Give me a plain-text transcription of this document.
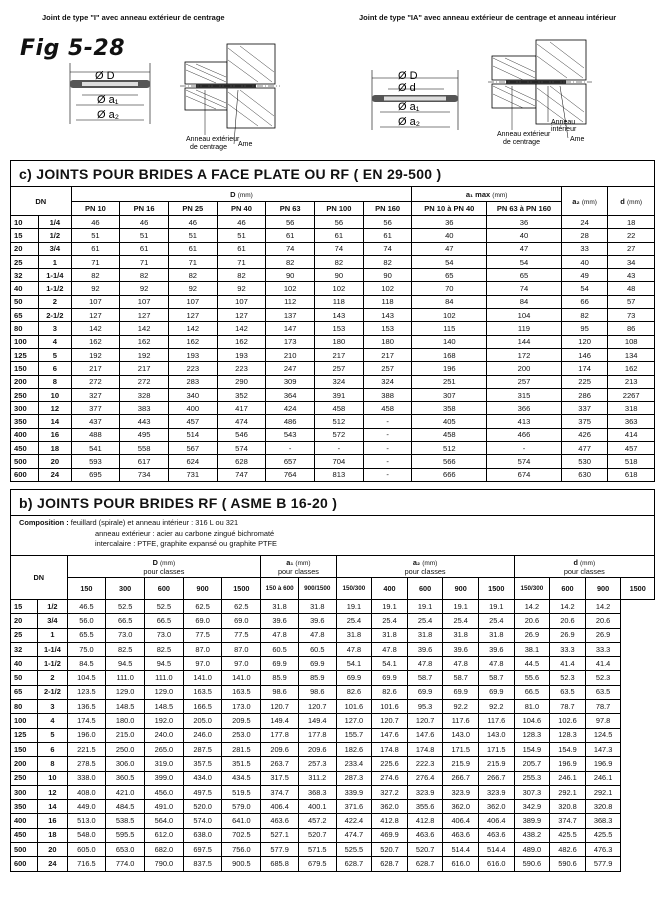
Joint de type "I" avec anneau extérieur de centrage	Joint de type "IA" avec anneau extérieur de centrage et anneau intérieur
Fig 5-28
Ø D
Ø a₁
Ø a₂
Anneau extérieur
de centrage Ame
Ø D
Ø d
Ø a₁
Ø a₂
Anneau extérieur
de centrage
Anneau
intérieur
Ame
c) JOINTS POUR BRIDES A FACE PLATE OU RF ( EN 29-500 )
DN		D (mm)							a₁ max (mm)		a₂ (mm)	d (mm)
		PN 10	PN 16	PN 25	PN 40	PN 63	PN 100	PN 160	PN 10 à PN 40	PN 63 à PN 160		
10	1/4	46	46	46	46	56	56	56	36	36	24	18
15	1/2	51	51	51	51	61	61	61	40	40	28	22
20	3/4	61	61	61	61	74	74	74	47	47	33	27
25	1	71	71	71	71	82	82	82	54	54	40	34
32	1-1/4	82	82	82	82	90	90	90	65	65	49	43
40	1-1/2	92	92	92	92	102	102	102	70	74	54	48
50	2	107	107	107	107	112	118	118	84	84	66	57
65	2-1/2	127	127	127	127	137	143	143	102	104	82	73
80	3	142	142	142	142	147	153	153	115	119	95	86
100	4	162	162	162	162	173	180	180	140	144	120	108
125	5	192	192	193	193	210	217	217	168	172	146	134
150	6	217	217	223	223	247	257	257	196	200	174	162
200	8	272	272	283	290	309	324	324	251	257	225	213
250	10	327	328	340	352	364	391	388	307	315	286	2267
300	12	377	383	400	417	424	458	458	358	366	337	318
350	14	437	443	457	474	486	512	-	405	413	375	363
400	16	488	495	514	546	543	572	-	458	466	426	414
450	18	541	558	567	574	-	-	-	512	-	477	457
500	20	593	617	624	628	657	704	-	566	574	530	518
600	24	695	734	731	747	764	813	-	666	674	630	618
b) JOINTS POUR BRIDES RF ( ASME B 16-20 )
Composition : feuillard (spirale) et anneau intérieur : 316 L ou 321
anneau extérieur : acier au carbone zingué bichromaté
intercalaire : PTFE, graphite expansé ou graphite PTFE
DN		D (mm)
pour classes					a₁ (mm)
pour classes		a₂ (mm)
pour classes					d (mm)
pour classes			
		150	300	600	900	1500	150 à 600	900/1500	150/300	400	600	900	1500	150/300	600	900	1500
15	1/2	46.5	52.5	52.5	62.5	62.5	31.8	31.8	19.1	19.1	19.1	19.1	19.1	14.2	14.2	14.2	
20	3/4	56.0	66.5	66.5	69.0	69.0	39.6	39.6	25.4	25.4	25.4	25.4	25.4	20.6	20.6	20.6	
25	1	65.5	73.0	73.0	77.5	77.5	47.8	47.8	31.8	31.8	31.8	31.8	31.8	26.9	26.9	26.9	
32	1-1/4	75.0	82.5	82.5	87.0	87.0	60.5	60.5	47.8	47.8	39.6	39.6	39.6	38.1	33.3	33.3	
40	1-1/2	84.5	94.5	94.5	97.0	97.0	69.9	69.9	54.1	54.1	47.8	47.8	47.8	44.5	41.4	41.4	
50	2	104.5	111.0	111.0	141.0	141.0	85.9	85.9	69.9	69.9	58.7	58.7	58.7	55.6	52.3	52.3	
65	2-1/2	123.5	129.0	129.0	163.5	163.5	98.6	98.6	82.6	82.6	69.9	69.9	69.9	66.5	63.5	63.5	
80	3	136.5	148.5	148.5	166.5	173.0	120.7	120.7	101.6	101.6	95.3	92.2	92.2	81.0	78.7	78.7	
100	4	174.5	180.0	192.0	205.0	209.5	149.4	149.4	127.0	120.7	120.7	117.6	117.6	104.6	102.6	97.8	
125	5	196.0	215.0	240.0	246.0	253.0	177.8	177.8	155.7	147.6	147.6	143.0	143.0	128.3	128.3	124.5	
150	6	221.5	250.0	265.0	287.5	281.5	209.6	209.6	182.6	174.8	174.8	171.5	171.5	154.9	154.9	147.3	
200	8	278.5	306.0	319.0	357.5	351.5	263.7	257.3	233.4	225.6	222.3	215.9	215.9	205.7	196.9	196.9	
250	10	338.0	360.5	399.0	434.0	434.5	317.5	311.2	287.3	274.6	276.4	266.7	266.7	255.3	246.1	246.1	
300	12	408.0	421.0	456.0	497.5	519.5	374.7	368.3	339.9	327.2	323.9	323.9	323.9	307.3	292.1	292.1	
350	14	449.0	484.5	491.0	520.0	579.0	406.4	400.1	371.6	362.0	355.6	362.0	362.0	342.9	320.8	320.8	
400	16	513.0	538.5	564.0	574.0	641.0	463.6	457.2	422.4	412.8	412.8	406.4	406.4	389.9	374.7	368.3	
450	18	548.0	595.5	612.0	638.0	702.5	527.1	520.7	474.7	469.9	463.6	463.6	463.6	438.2	425.5	425.5	
500	20	605.0	653.0	682.0	697.5	756.0	577.9	571.5	525.5	520.7	520.7	514.4	514.4	489.0	482.6	476.3	
600	24	716.5	774.0	790.0	837.5	900.5	685.8	679.5	628.7	628.7	628.7	616.0	616.0	590.6	590.6	577.9	
